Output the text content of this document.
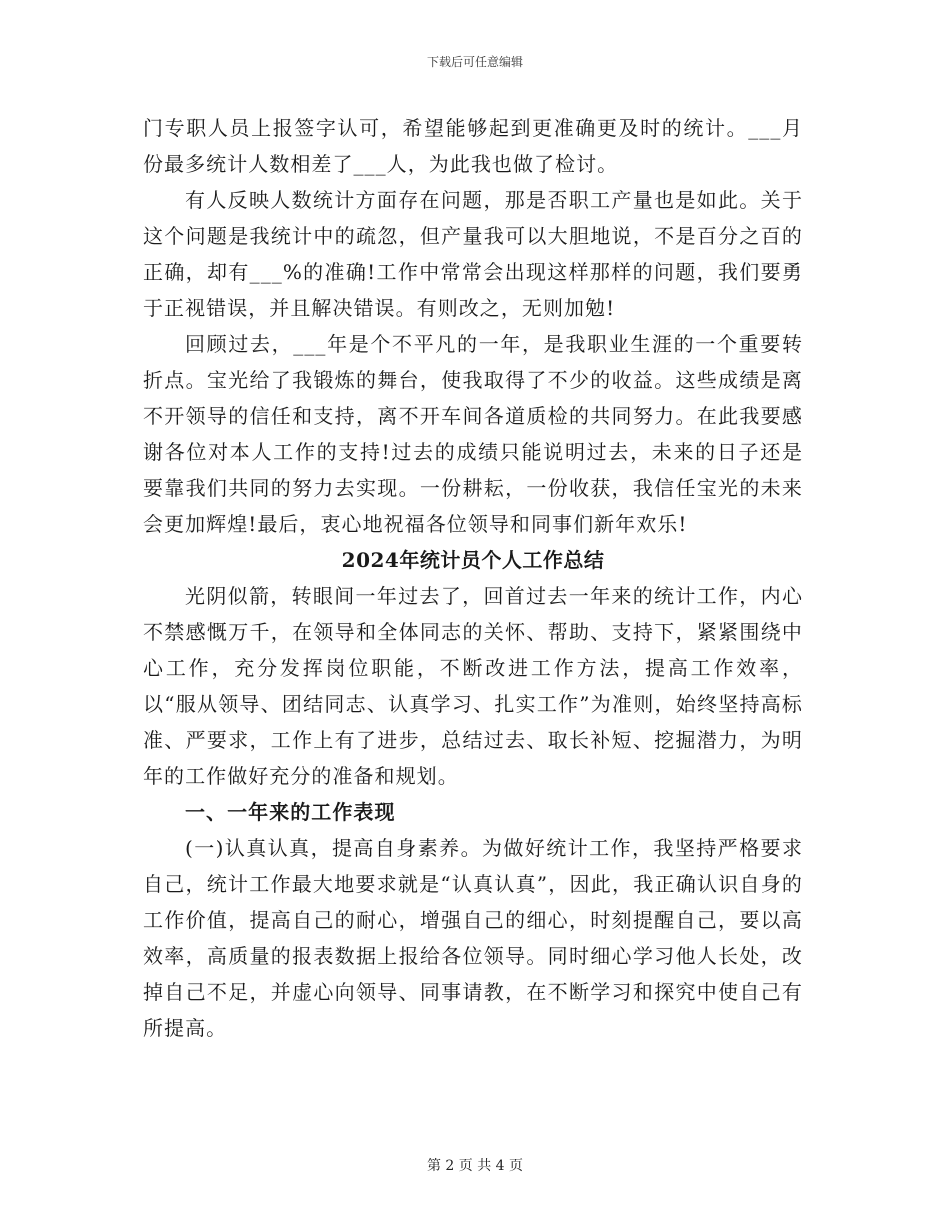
下载后可任意编辑

门专职人员上报签字认可，希望能够起到更准确更及时的统计。___月份最多统计人数相差了___人，为此我也做了检讨。

有人反映人数统计方面存在问题，那是否职工产量也是如此。关于这个问题是我统计中的疏忽，但产量我可以大胆地说，不是百分之百的正确，却有___%的准确!工作中常常会出现这样那样的问题，我们要勇于正视错误，并且解决错误。有则改之，无则加勉!

回顾过去，___年是个不平凡的一年，是我职业生涯的一个重要转折点。宝光给了我锻炼的舞台，使我取得了不少的收益。这些成绩是离不开领导的信任和支持，离不开车间各道质检的共同努力。在此我要感谢各位对本人工作的支持!过去的成绩只能说明过去，未来的日子还是要靠我们共同的努力去实现。一份耕耘，一份收获，我信任宝光的未来会更加辉煌!最后，衷心地祝福各位领导和同事们新年欢乐!

2024年统计员个人工作总结

光阴似箭，转眼间一年过去了，回首过去一年来的统计工作，内心不禁感慨万千，在领导和全体同志的关怀、帮助、支持下，紧紧围绕中心工作，充分发挥岗位职能，不断改进工作方法，提高工作效率，以“服从领导、团结同志、认真学习、扎实工作”为准则，始终坚持高标准、严要求，工作上有了进步，总结过去、取长补短、挖掘潜力，为明年的工作做好充分的准备和规划。

一、一年来的工作表现

(一)认真认真，提高自身素养。为做好统计工作，我坚持严格要求自己，统计工作最大地要求就是“认真认真”，因此，我正确认识自身的工作价值，提高自己的耐心，增强自己的细心，时刻提醒自己，要以高效率，高质量的报表数据上报给各位领导。同时细心学习他人长处，改掉自己不足，并虚心向领导、同事请教，在不断学习和探究中使自己有所提高。

第 2 页 共 4 页
